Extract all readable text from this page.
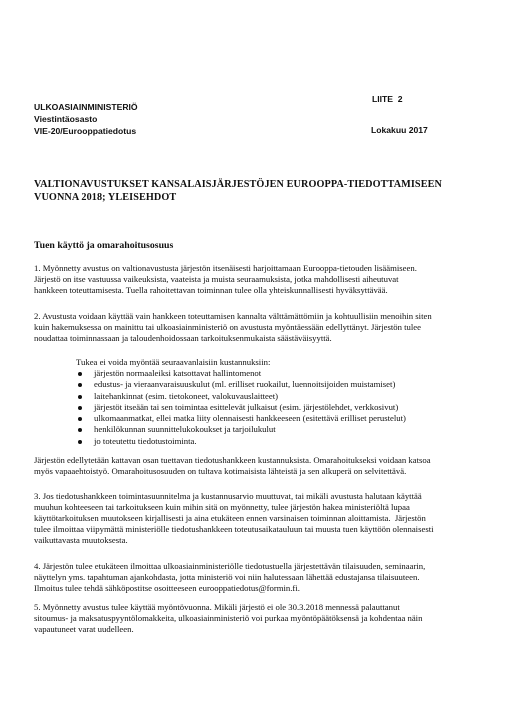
ULKOASIAINMINISTERIÖ
Viestintäosasto
VIE-20/Eurooppatiedotus
LIITE  2
Lokakuu 2017
VALTIONAVUSTUKSET KANSALAISJÄRJESTÖJEN EUROOPPA-TIEDOTTAMISEEN
VUONNA 2018; YLEISEHDOT
Tuen käyttö ja omarahoitusosuus

1. Myönnetty avustus on valtionavustusta järjestön itsenäisesti harjoittamaan Eurooppa-tietouden lisäämiseen.

Järjestö on itse vastuussa vaikeuksista, vaateista ja muista seuraamuksista, jotka mahdollisesti aiheutuvat

hankkeen toteuttamisesta. Tuella rahoitettavan toiminnan tulee olla yhteiskunnallisesti hyväksyttävää.

2. Avustusta voidaan käyttää vain hankkeen toteuttamisen kannalta välttämättömiin ja kohtuullisiin menoihin siten

kuin hakemuksessa on mainittu tai ulkoasiainministeriö on avustusta myöntäessään edellyttänyt. Järjestön tulee

noudattaa toiminnassaan ja taloudenhoidossaan tarkoituksenmukaista säästäväisyyttä.

Tukea ei voida myöntää seuraavanlaisiin kustannuksiin:
järjestön normaaleiksi katsottavat hallintomenot
edustus- ja vieraanvaraisuuskulut (ml. erilliset ruokailut, luennoitsijoiden muistamiset)
laitehankinnat (esim. tietokoneet, valokuvauslaitteet)
järjestöt itseään tai sen toimintaa esittelevät julkaisut (esim. järjestölehdet, verkkosivut)
ulkomaanmatkat, ellei matka liity olennaisesti hankkeeseen (esitettävä erilliset perustelut)
henkilökunnan suunnittelukokoukset ja tarjoilukulut
jo toteutettu tiedotustoiminta.

Järjestön edellytetään kattavan osan tuettavan tiedotushankkeen kustannuksista. Omarahoitukseksi voidaan katsoa

myös vapaaehtoistyö. Omarahoitusosuuden on tultava kotimaisista lähteistä ja sen alkuperä on selvitettävä.

3. Jos tiedotushankkeen toimintasuunnitelma ja kustannusarvio muuttuvat, tai mikäli avustusta halutaan käyttää

muuhun kohteeseen tai tarkoitukseen kuin mihin sitä on myönnetty, tulee järjestön hakea ministeriöltä lupaa

käyttötarkoituksen muutokseen kirjallisesti ja aina etukäteen ennen varsinaisen toiminnan aloittamista.  Järjestön

tulee ilmoittaa viipymättä ministeriölle tiedotushankkeen toteutusaikatauluun tai muusta tuen käyttöön olennaisesti

vaikuttavasta muutoksesta.

4. Järjestön tulee etukäteen ilmoittaa ulkoasiainministeriölle tiedotustuella järjestettävän tilaisuuden, seminaarin,

näyttelyn yms. tapahtuman ajankohdasta, jotta ministeriö voi niin halutessaan lähettää edustajansa tilaisuuteen.

Ilmoitus tulee tehdä sähköpostitse osoitteeseen eurooppatiedotus@formin.fi.

5. Myönnetty avustus tulee käyttää myöntövuonna. Mikäli järjestö ei ole 30.3.2018 mennessä palauttanut

sitoumus- ja maksatuspyyntölomakkeita, ulkoasiainministeriö voi purkaa myöntöpäätöksensä ja kohdentaa näin

vapautuneet varat uudelleen.
